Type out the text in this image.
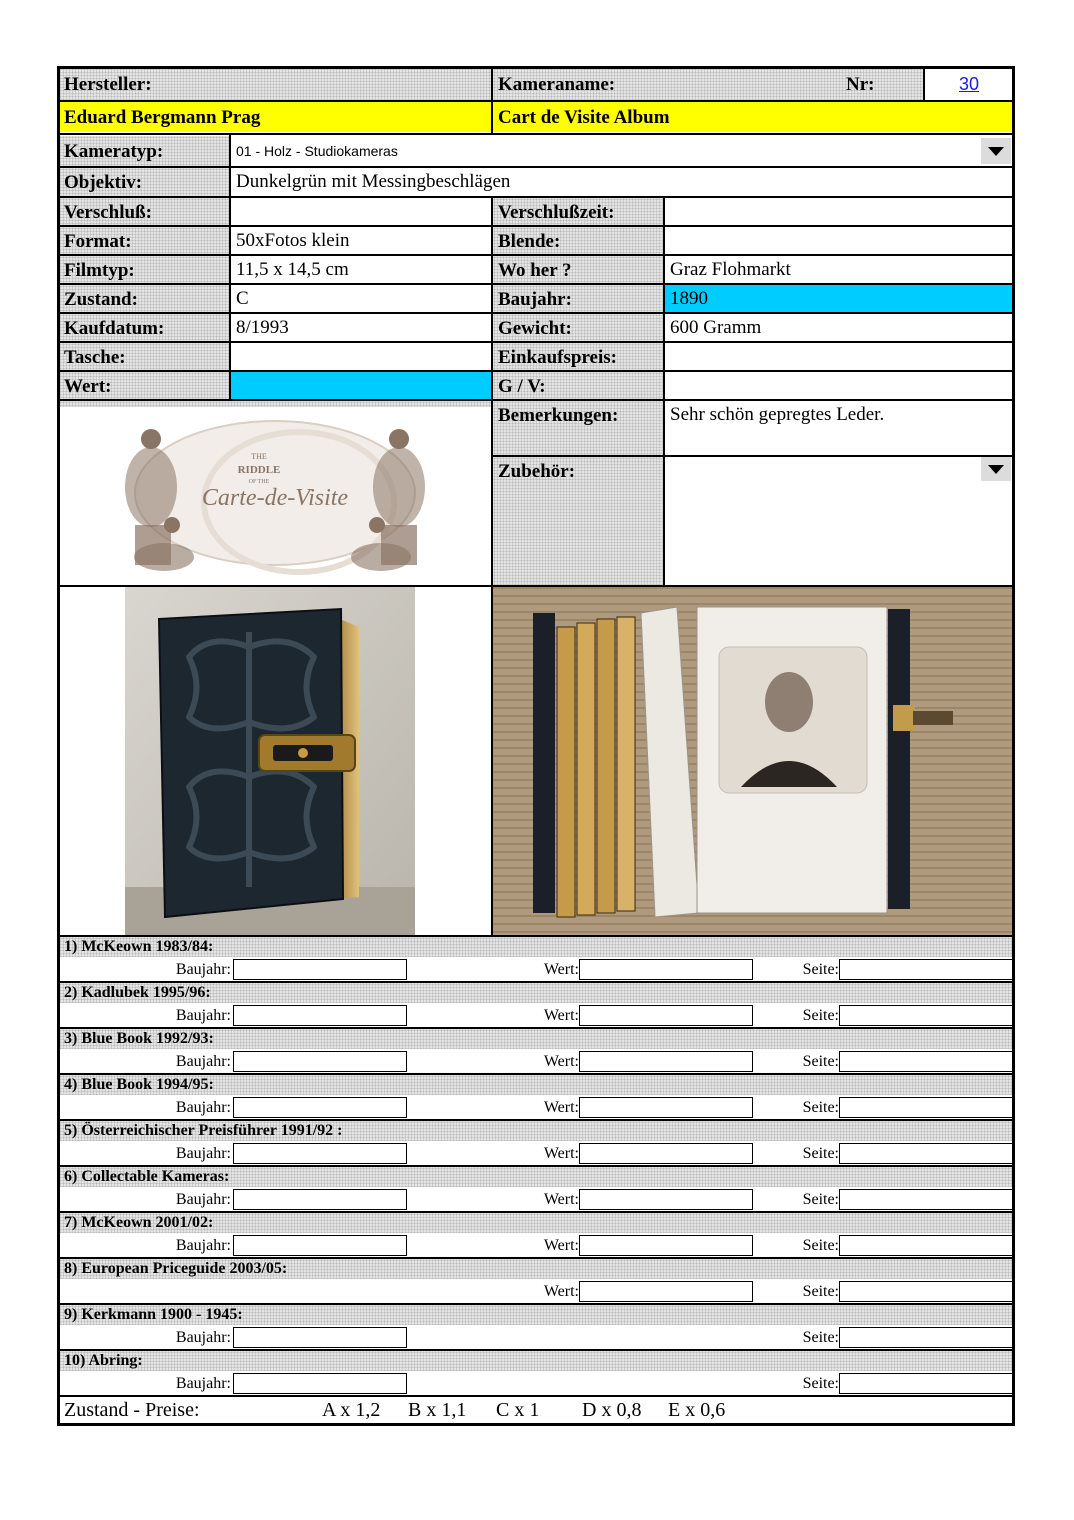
Hersteller:	Kameraname:	Nr:	30
Eduard Bergmann Prag	Cart de Visite Album
Kameratyp:	01 - Holz - Studiokameras
Objektiv:	Dunkelgrün mit Messingbeschlägen
Verschluß:	Verschlußzeit:
Format:	50xFotos klein	Blende:
Filmtyp:	11,5 x 14,5 cm	Wo her ?	Graz Flohmarkt
Zustand:	C	Baujahr:	1890
Kaufdatum:	8/1993	Gewicht:	600 Gramm
Tasche:	Einkaufspreis:
Wert:	G / V:
THE
RIDDLE
OF THE
Carte-de-Visite
Bemerkungen:	Sehr schön gepregtes Leder.
Zubehör:
1) McKeown 1983/84:
Baujahr:	Wert:	Seite:
2) Kadlubek 1995/96:
Baujahr:	Wert:	Seite:
3) Blue Book 1992/93:
Baujahr:	Wert:	Seite:
4) Blue Book 1994/95:
Baujahr:	Wert:	Seite:
5) Österreichischer Preisführer 1991/92 :
Baujahr:	Wert:	Seite:
6) Collectable Kameras:
Baujahr:	Wert:	Seite:
7) McKeown 2001/02:
Baujahr:	Wert:	Seite:
8) European Priceguide 2003/05:
Wert:	Seite:
9) Kerkmann 1900 - 1945:
Baujahr:	Seite:
10) Abring:
Baujahr:	Seite:
Zustand - Preise:	A x 1,2 B x 1,1 C x 1 D x 0,8 E x 0,6
